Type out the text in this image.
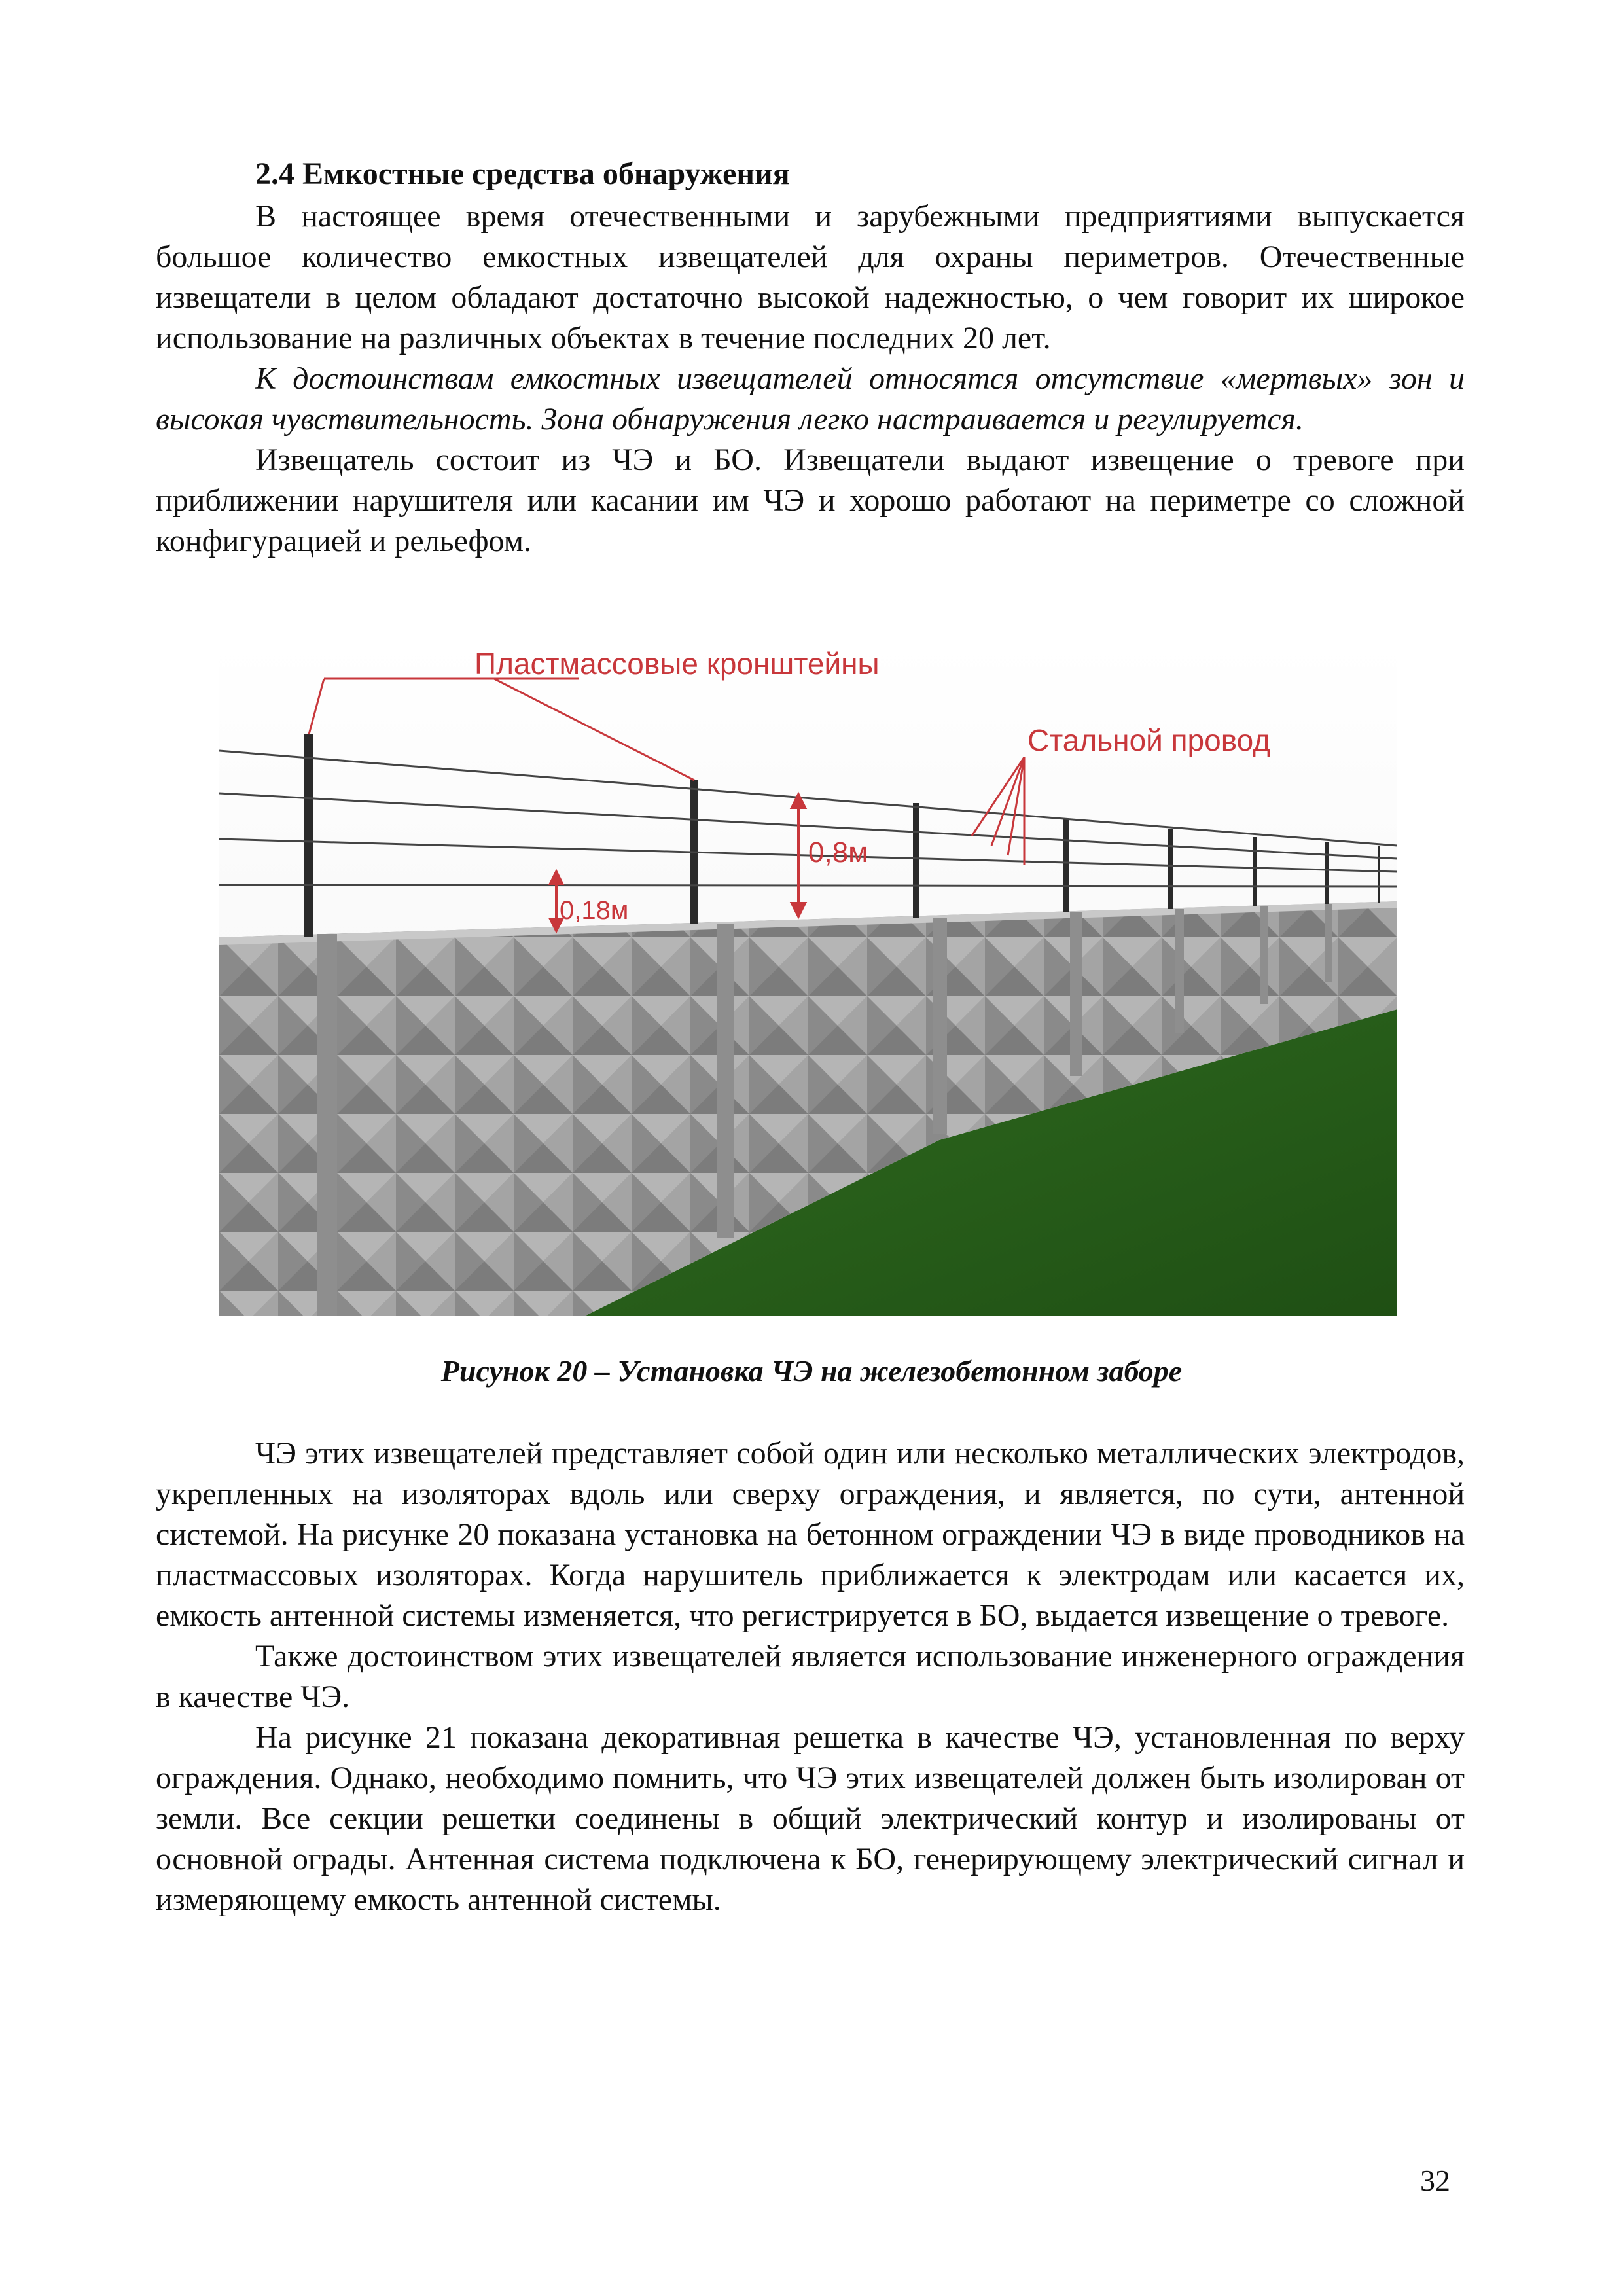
2.4 Емкостные средства обнаружения

В настоящее время отечественными и зарубежными предприятиями выпускается большое количество емкостных извещателей для охраны периметров. Отечественные извещатели в целом обладают достаточно высокой надежностью, о чем говорит их широкое использование на различных объектах в течение последних 20 лет.

К достоинствам емкостных извещателей относятся отсутствие «мертвых» зон и высокая чувствительность. Зона обнаружения легко настраивается и регулируется.

Извещатель состоит из ЧЭ и БО. Извещатели выдают извещение о тревоге при приближении нарушителя или касании им ЧЭ и хорошо работают на периметре со сложной конфигурацией и рельефом.

Пластмассовые кронштейны
Стальной провод
0,8м
0,18м
Рисунок 20 – Установка ЧЭ на железобетонном заборе

ЧЭ этих извещателей представляет собой один или несколько металлических электродов, укрепленных на изоляторах вдоль или сверху ограждения, и является, по сути, антенной системой. На рисунке 20 показана установка на бетонном ограждении ЧЭ в виде проводников на пластмассовых изоляторах. Когда нарушитель приближается к электродам или касается их, емкость антенной системы изменяется, что регистрируется в БО, выдается извещение о тревоге.

Также достоинством этих извещателей является использование инженерного ограждения в качестве ЧЭ.

На рисунке 21 показана декоративная решетка в качестве ЧЭ, установленная по верху ограждения. Однако, необходимо помнить, что ЧЭ этих извещателей должен быть изолирован от земли. Все секции решетки соединены в общий электрический контур и изолированы от основной ограды. Антенная система подключена к БО, генерирующему электрический сигнал и измеряющему емкость антенной системы.

32
